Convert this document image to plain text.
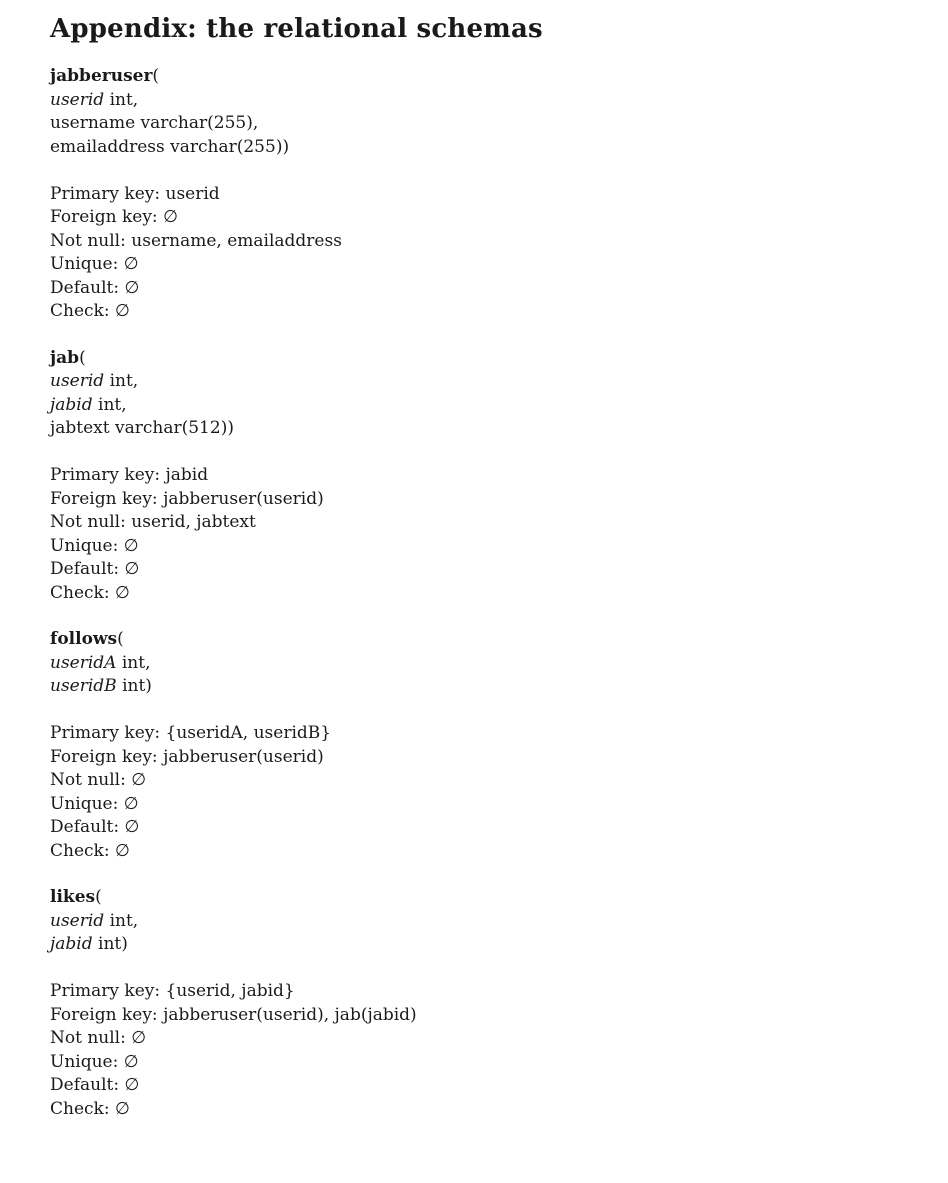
Appendix: the relational schemas
jabberuser(
userid int,
username varchar(255),
emailaddress varchar(255))
Primary key: userid
Foreign key: ∅
Not null: username, emailaddress
Unique: ∅
Default: ∅
Check: ∅
jab(
userid int,
jabid int,
jabtext varchar(512))
Primary key: jabid
Foreign key: jabberuser(userid)
Not null: userid, jabtext
Unique: ∅
Default: ∅
Check: ∅
follows(
useridA int,
useridB int)
Primary key: {useridA, useridB}
Foreign key: jabberuser(userid)
Not null: ∅
Unique: ∅
Default: ∅
Check: ∅
likes(
userid int,
jabid int)
Primary key: {userid, jabid}
Foreign key: jabberuser(userid), jab(jabid)
Not null: ∅
Unique: ∅
Default: ∅
Check: ∅
